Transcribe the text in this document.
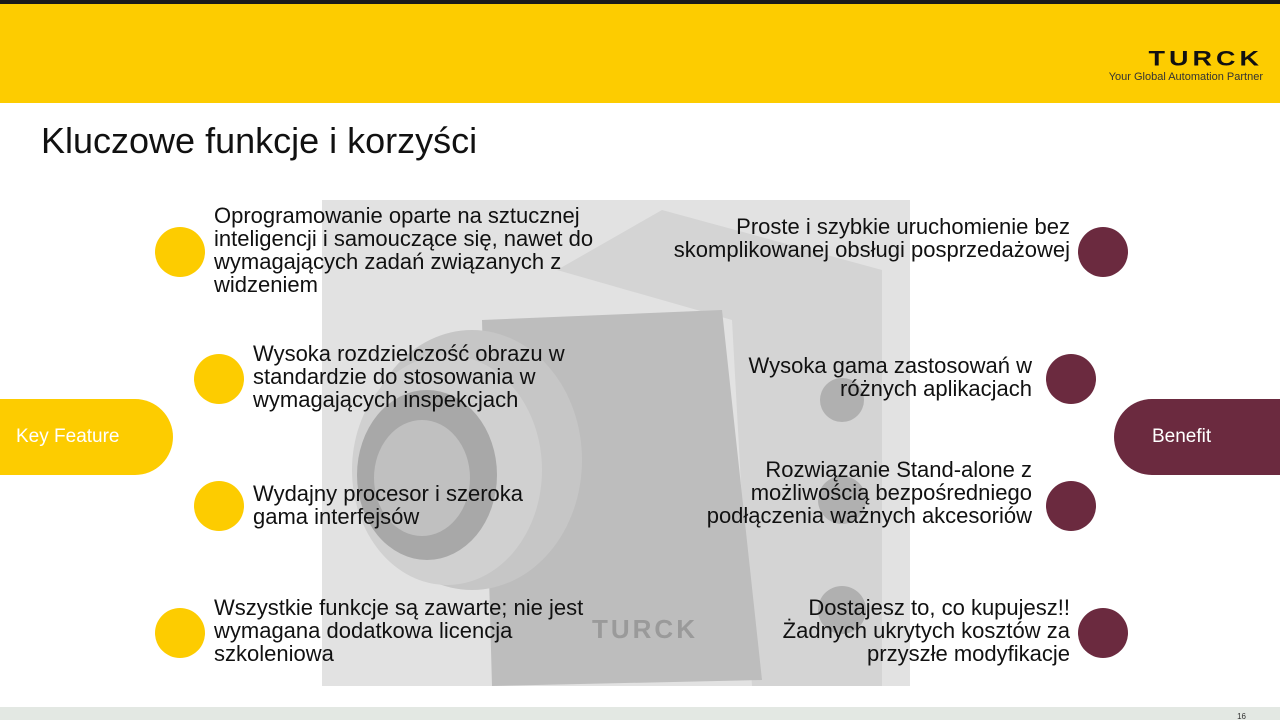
TURCK
Your Global Automation Partner
Kluczowe funkcje i korzyści
TURCK
Key Feature	Benefit
Oprogramowanie oparte na sztucznej inteligencji i samouczące się, nawet do wymagających zadań związanych z widzeniem
Wysoka rozdzielczość obrazu w standardzie do stosowania w wymagających inspekcjach
Wydajny procesor i szeroka gama interfejsów
Wszystkie funkcje są zawarte; nie jest wymagana dodatkowa licencja szkoleniowa
Proste i szybkie uruchomienie bez skomplikowanej obsługi posprzedażowej
Wysoka gama zastosowań w różnych aplikacjach
Rozwiązanie Stand-alone z możliwością bezpośredniego podłączenia ważnych akcesoriów
Dostajesz to, co kupujesz!! Żadnych ukrytych kosztów za przyszłe modyfikacje
16
